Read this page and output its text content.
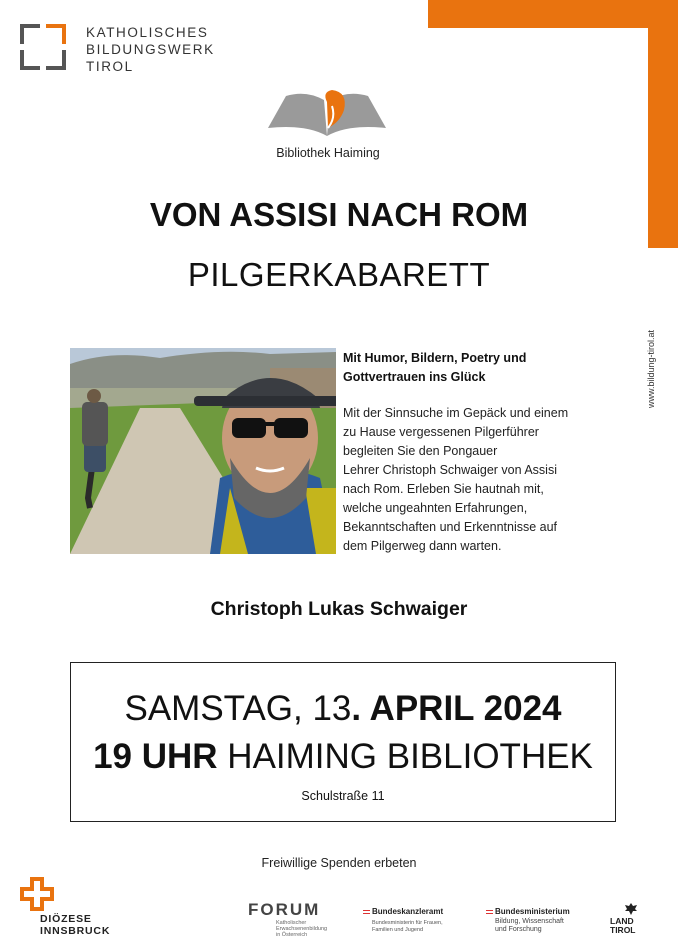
KATHOLISCHES
BILDUNGSWERK
TIROL
Bibliothek Haiming
www.bildung-tirol.at
VON ASSISI NACH ROM
PILGERKABARETT
Mit Humor, Bildern, Poetry und
Gottvertrauen ins Glück
Mit der Sinnsuche im Gepäck und einem
zu Hause vergessenen Pilgerführer
begleiten Sie den Pongauer
Lehrer Christoph Schwaiger von Assisi
nach Rom. Erleben Sie hautnah mit,
welche ungeahnten Erfahrungen,
Bekanntschaften und Erkenntnisse auf
dem Pilgerweg dann warten.
Christoph Lukas Schwaiger
SAMSTAG, 13. APRIL 2024
19 UHR HAIMING BIBLIOTHEK
Schulstraße 11
Freiwillige Spenden erbeten
DIÖZESE
INNSBRUCK
FORUM
Katholischer
Erwachsenenbildung
in Österreich
Bundeskanzleramt
Bundesministerin für Frauen,
Familien und Jugend
Bundesministerium
Bildung, Wissenschaft
und Forschung
LAND
TIROL
